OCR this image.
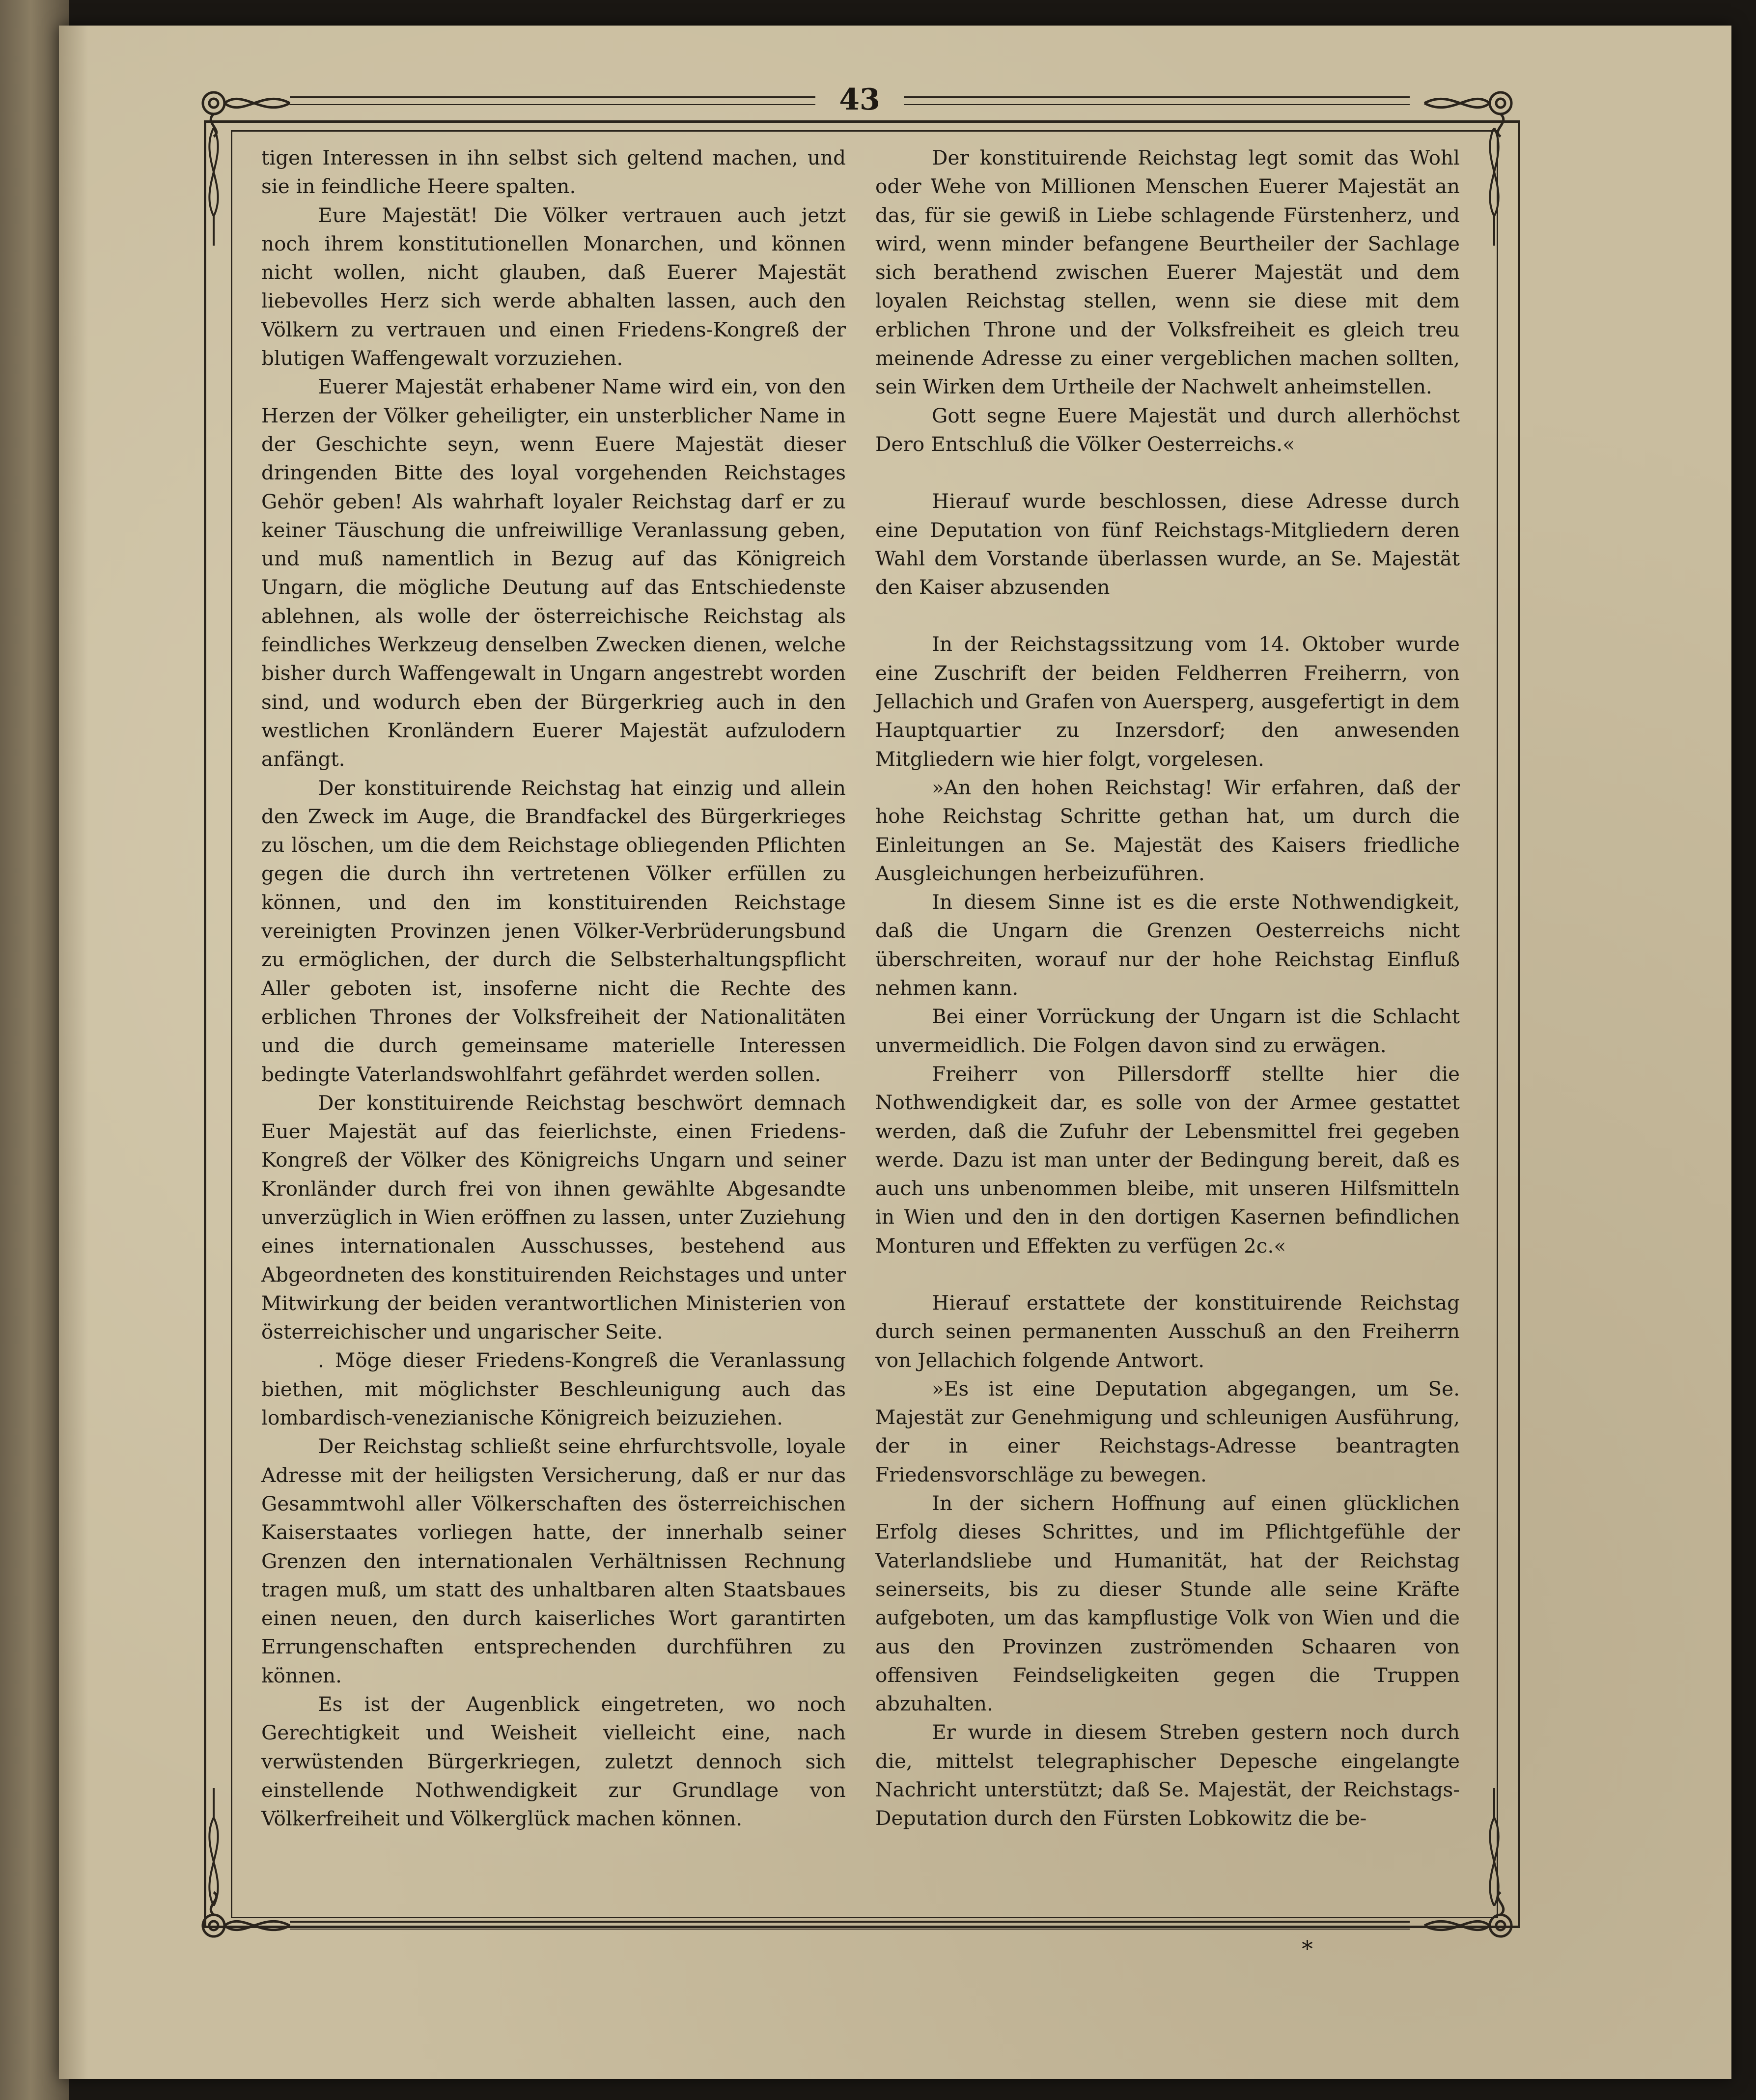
43

tigen Interessen in ihn selbst sich geltend machen, und sie in feindliche Heere spalten.

Eure Majestät! Die Völker vertrauen auch jetzt noch ihrem konstitutionellen Monarchen, und können nicht wollen, nicht glauben, daß Euerer Majestät liebevolles Herz sich werde abhalten lassen, auch den Völkern zu vertrauen und einen Friedens-Kongreß der blutigen Waffengewalt vorzuziehen.

Euerer Majestät erhabener Name wird ein, von den Herzen der Völker geheiligter, ein unsterblicher Name in der Geschichte seyn, wenn Euere Majestät dieser dringenden Bitte des loyal vorgehenden Reichstages Gehör geben! Als wahrhaft loyaler Reichstag darf er zu keiner Täuschung die unfreiwillige Veranlassung geben, und muß namentlich in Bezug auf das Königreich Ungarn, die mögliche Deutung auf das Entschiedenste ablehnen, als wolle der österreichische Reichstag als feindliches Werkzeug denselben Zwecken dienen, welche bisher durch Waffengewalt in Ungarn angestrebt worden sind, und wodurch eben der Bürgerkrieg auch in den westlichen Kronländern Euerer Majestät aufzulodern anfängt.

Der konstituirende Reichstag hat einzig und allein den Zweck im Auge, die Brandfackel des Bürgerkrieges zu löschen, um die dem Reichstage obliegenden Pflichten gegen die durch ihn vertretenen Völker erfüllen zu können, und den im konstituirenden Reichstage vereinigten Provinzen jenen Völker-Verbrüderungsbund zu ermöglichen, der durch die Selbsterhaltungspflicht Aller geboten ist, insoferne nicht die Rechte des erblichen Thrones der Volksfreiheit der Nationalitäten und die durch gemeinsame materielle Interessen bedingte Vaterlandswohlfahrt gefährdet werden sollen.

Der konstituirende Reichstag beschwört demnach Euer Majestät auf das feierlichste, einen Friedens-Kongreß der Völker des Königreichs Ungarn und seiner Kronländer durch frei von ihnen gewählte Abgesandte unverzüglich in Wien eröffnen zu lassen, unter Zuziehung eines internationalen Ausschusses, bestehend aus Abgeordneten des konstituirenden Reichstages und unter Mitwirkung der beiden verantwortlichen Ministerien von österreichischer und ungarischer Seite.

. Möge dieser Friedens-Kongreß die Veranlassung biethen, mit möglichster Beschleunigung auch das lombardisch-venezianische Königreich beizuziehen.

Der Reichstag schließt seine ehrfurchtsvolle, loyale Adresse mit der heiligsten Versicherung, daß er nur das Gesammtwohl aller Völkerschaften des österreichischen Kaiserstaates vorliegen hatte, der innerhalb seiner Grenzen den internationalen Verhältnissen Rechnung tragen muß, um statt des unhaltbaren alten Staatsbaues einen neuen, den durch kaiserliches Wort garantirten Errungenschaften entsprechenden durchführen zu können.

Es ist der Augenblick eingetreten, wo noch Gerechtigkeit und Weisheit vielleicht eine, nach verwüstenden Bürgerkriegen, zuletzt dennoch sich einstellende Nothwendigkeit zur Grundlage von Völkerfreiheit und Völkerglück machen können.

Der konstituirende Reichstag legt somit das Wohl oder Wehe von Millionen Menschen Euerer Majestät an das, für sie gewiß in Liebe schlagende Fürstenherz, und wird, wenn minder befangene Beurtheiler der Sachlage sich berathend zwischen Euerer Majestät und dem loyalen Reichstag stellen, wenn sie diese mit dem erblichen Throne und der Volksfreiheit es gleich treu meinende Adresse zu einer vergeblichen machen sollten, sein Wirken dem Urtheile der Nachwelt anheimstellen.

Gott segne Euere Majestät und durch allerhöchst Dero Entschluß die Völker Oesterreichs.«

Hierauf wurde beschlossen, diese Adresse durch eine Deputation von fünf Reichstags-Mitgliedern deren Wahl dem Vorstande überlassen wurde, an Se. Majestät den Kaiser abzusenden

In der Reichstagssitzung vom 14. Oktober wurde eine Zuschrift der beiden Feldherren Freiherrn, von Jellachich und Grafen von Auersperg, ausgefertigt in dem Hauptquartier zu Inzersdorf; den anwesenden Mitgliedern wie hier folgt, vorgelesen.

»An den hohen Reichstag! Wir erfahren, daß der hohe Reichstag Schritte gethan hat, um durch die Einleitungen an Se. Majestät des Kaisers friedliche Ausgleichungen herbeizuführen.

In diesem Sinne ist es die erste Nothwendigkeit, daß die Ungarn die Grenzen Oesterreichs nicht überschreiten, worauf nur der hohe Reichstag Einfluß nehmen kann.

Bei einer Vorrückung der Ungarn ist die Schlacht unvermeidlich. Die Folgen davon sind zu erwägen.

Freiherr von Pillersdorff stellte hier die Nothwendigkeit dar, es solle von der Armee gestattet werden, daß die Zufuhr der Lebensmittel frei gegeben werde. Dazu ist man unter der Bedingung bereit, daß es auch uns unbenommen bleibe, mit unseren Hilfsmitteln in Wien und den in den dortigen Kasernen befindlichen Monturen und Effekten zu verfügen 2c.«

Hierauf erstattete der konstituirende Reichstag durch seinen permanenten Ausschuß an den Freiherrn von Jellachich folgende Antwort.

»Es ist eine Deputation abgegangen, um Se. Majestät zur Genehmigung und schleunigen Ausführung, der in einer Reichstags-Adresse beantragten Friedensvorschläge zu bewegen.

In der sichern Hoffnung auf einen glücklichen Erfolg dieses Schrittes, und im Pflichtgefühle der Vaterlandsliebe und Humanität, hat der Reichstag seinerseits, bis zu dieser Stunde alle seine Kräfte aufgeboten, um das kampflustige Volk von Wien und die aus den Provinzen zuströmenden Schaaren von offensiven Feindseligkeiten gegen die Truppen abzuhalten.

Er wurde in diesem Streben gestern noch durch die, mittelst telegraphischer Depesche eingelangte Nachricht unterstützt; daß Se. Majestät, der Reichstags-Deputation durch den Fürsten Lobkowitz die be-

*
